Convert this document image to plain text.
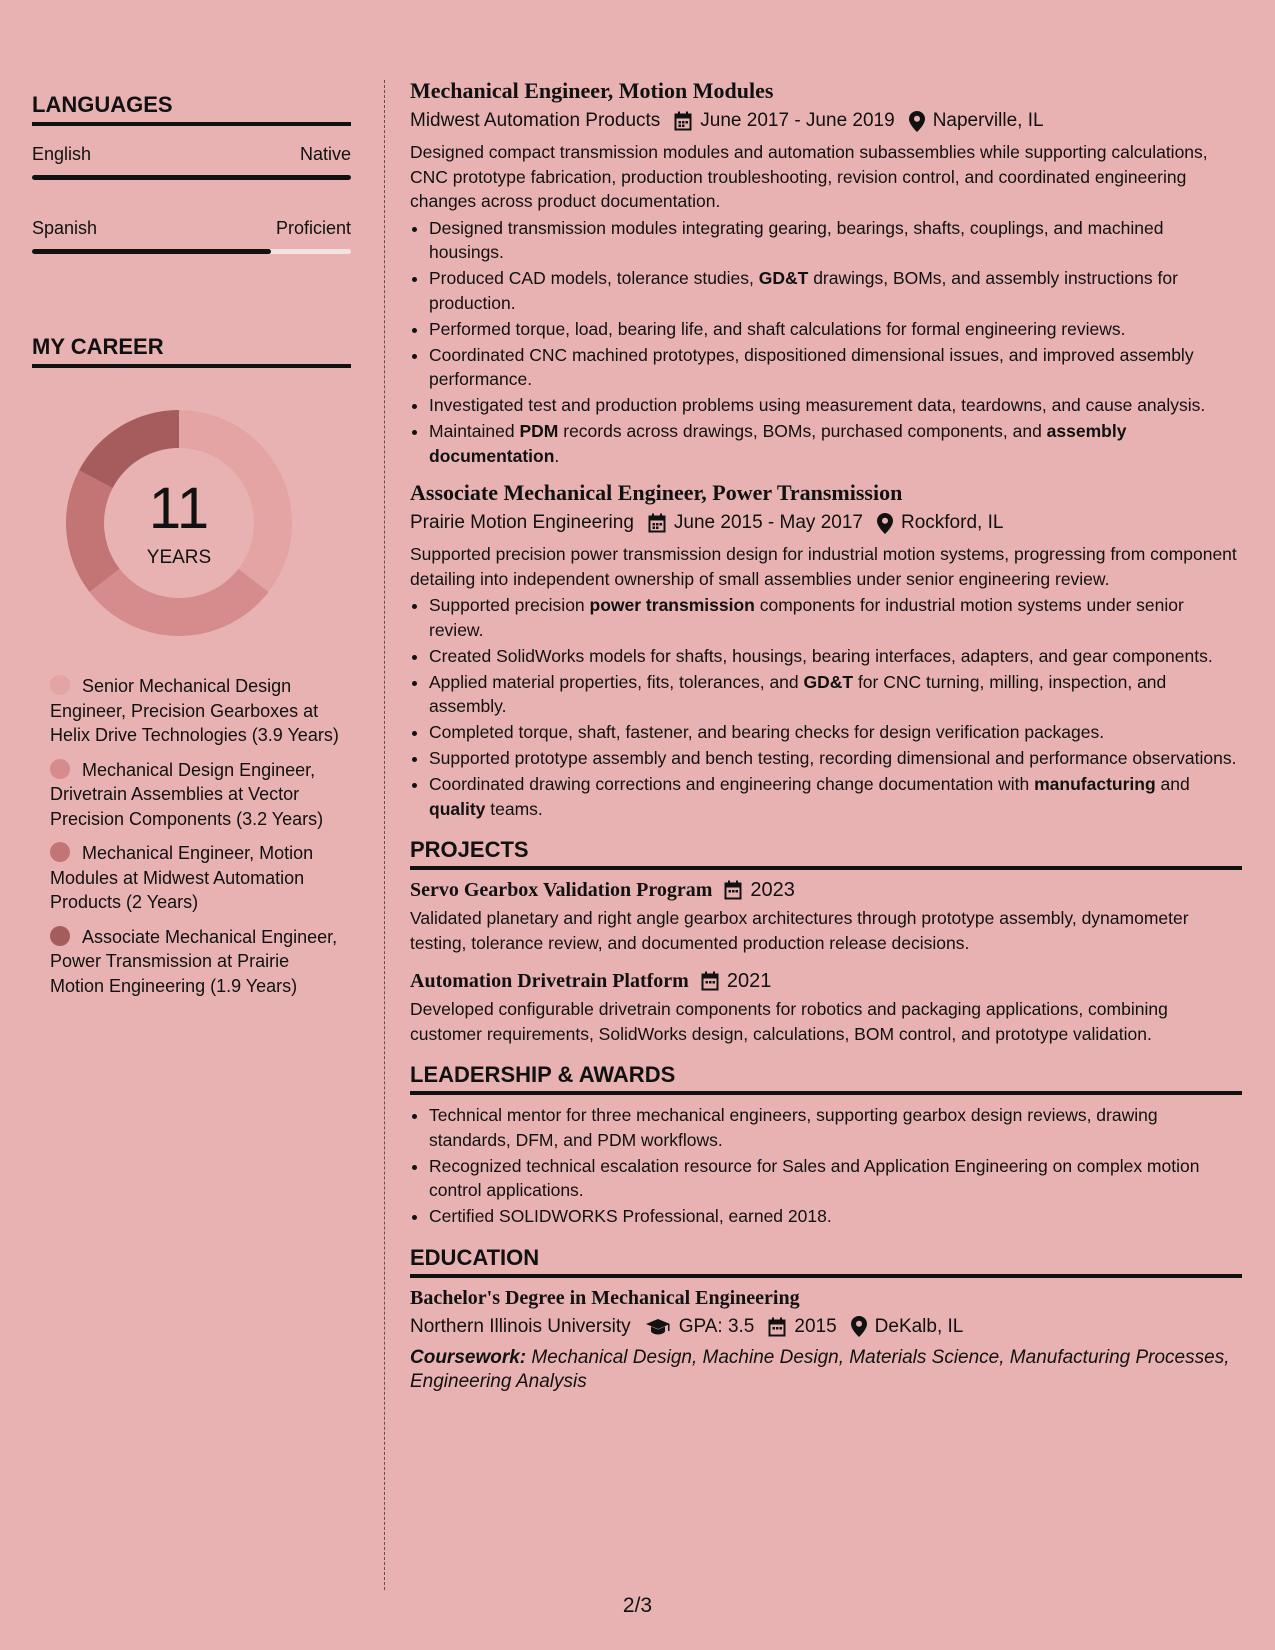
LANGUAGES
English	Native
Spanish	Proficient
MY CAREER
11
YEARS
Senior Mechanical Design Engineer, Precision Gearboxes at Helix Drive Technologies (3.9 Years)
Mechanical Design Engineer, Drivetrain Assemblies at Vector Precision Components (3.2 Years)
Mechanical Engineer, Motion Modules at Midwest Automation Products (2 Years)
Associate Mechanical Engineer, Power Transmission at Prairie Motion Engineering (1.9 Years)
Mechanical Engineer, Motion Modules
Midwest Automation Products June 2017 - June 2019 Naperville, IL
Designed compact transmission modules and automation subassemblies while supporting calculations, CNC prototype fabrication, production troubleshooting, revision control, and coordinated engineering changes across product documentation.
• Designed transmission modules integrating gearing, bearings, shafts, couplings, and machined housings.
• Produced CAD models, tolerance studies, GD&T drawings, BOMs, and assembly instructions for production.
• Performed torque, load, bearing life, and shaft calculations for formal engineering reviews.
• Coordinated CNC machined prototypes, dispositioned dimensional issues, and improved assembly performance.
• Investigated test and production problems using measurement data, teardowns, and cause analysis.
• Maintained PDM records across drawings, BOMs, purchased components, and assembly documentation.
Associate Mechanical Engineer, Power Transmission
Prairie Motion Engineering June 2015 - May 2017 Rockford, IL
Supported precision power transmission design for industrial motion systems, progressing from component detailing into independent ownership of small assemblies under senior engineering review.
• Supported precision power transmission components for industrial motion systems under senior review.
• Created SolidWorks models for shafts, housings, bearing interfaces, adapters, and gear components.
• Applied material properties, fits, tolerances, and GD&T for CNC turning, milling, inspection, and assembly.
• Completed torque, shaft, fastener, and bearing checks for design verification packages.
• Supported prototype assembly and bench testing, recording dimensional and performance observations.
• Coordinated drawing corrections and engineering change documentation with manufacturing and quality teams.
PROJECTS
Servo Gearbox Validation Program 2023
Validated planetary and right angle gearbox architectures through prototype assembly, dynamometer testing, tolerance review, and documented production release decisions.
Automation Drivetrain Platform 2021
Developed configurable drivetrain components for robotics and packaging applications, combining customer requirements, SolidWorks design, calculations, BOM control, and prototype validation.
LEADERSHIP & AWARDS
• Technical mentor for three mechanical engineers, supporting gearbox design reviews, drawing standards, DFM, and PDM workflows.
• Recognized technical escalation resource for Sales and Application Engineering on complex motion control applications.
• Certified SOLIDWORKS Professional, earned 2018.
EDUCATION
Bachelor's Degree in Mechanical Engineering
Northern Illinois University	GPA: 3.5 2015 DeKalb, IL
Coursework: Mechanical Design, Machine Design, Materials Science, Manufacturing Processes, Engineering Analysis
2/3
